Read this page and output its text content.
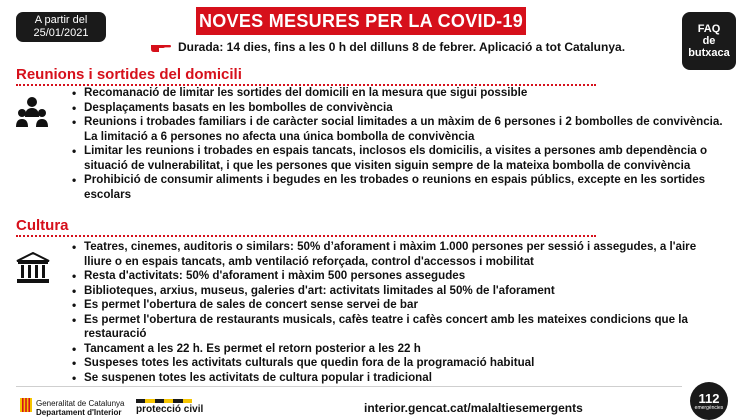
A partir del
25/01/2021
NOVES MESURES PER LA COVID-19	FAQ
de
butxaca
Durada: 14 dies, fins a les 0 h del dilluns 8 de febrer. Aplicació a tot Catalunya.
Reunions i sortides del domicili
• Recomanació de limitar les sortides del domicili en la mesura que sigui possible
• Desplaçaments basats en les bombolles de convivència
• Reunions i trobades familiars i de caràcter social limitades a un màxim de 6 persones i 2 bombolles de convivència. La limitació a 6 persones no afecta una única bombolla de convivència
• Limitar les reunions i trobades en espais tancats, inclosos els domicilis, a visites a persones amb dependència o situació de vulnerabilitat, i que les persones que visiten siguin sempre de la mateixa bombolla de convivència
• Prohibició de consumir aliments i begudes en les trobades o reunions en espais públics, excepte en les sortides escolars
Cultura
• Teatres, cinemes, auditoris o similars: 50% d’aforament i màxim 1.000 persones per sessió i assegudes, a l'aire lliure o en espais tancats, amb ventilació reforçada, control d'accessos i mobilitat
• Resta d'activitats: 50% d'aforament i màxim 500 persones assegudes
• Biblioteques, arxius, museus, galeries d'art: activitats limitades al 50% de l'aforament
• Es permet l'obertura de sales de concert sense servei de bar
• Es permet l'obertura de restaurants musicals, cafès teatre i cafès concert amb les mateixes condicions que la restauració
• Tancament a les 22 h. Es permet el retorn posterior a les 22 h
• Suspeses totes les activitats culturals que quedin fora de la programació habitual
• Se suspenen totes les activitats de cultura popular i tradicional
Generalitat de Catalunya
Departament d'Interior	protecció civil	interior.gencat.cat/malaltiesemergents
112
emergències
